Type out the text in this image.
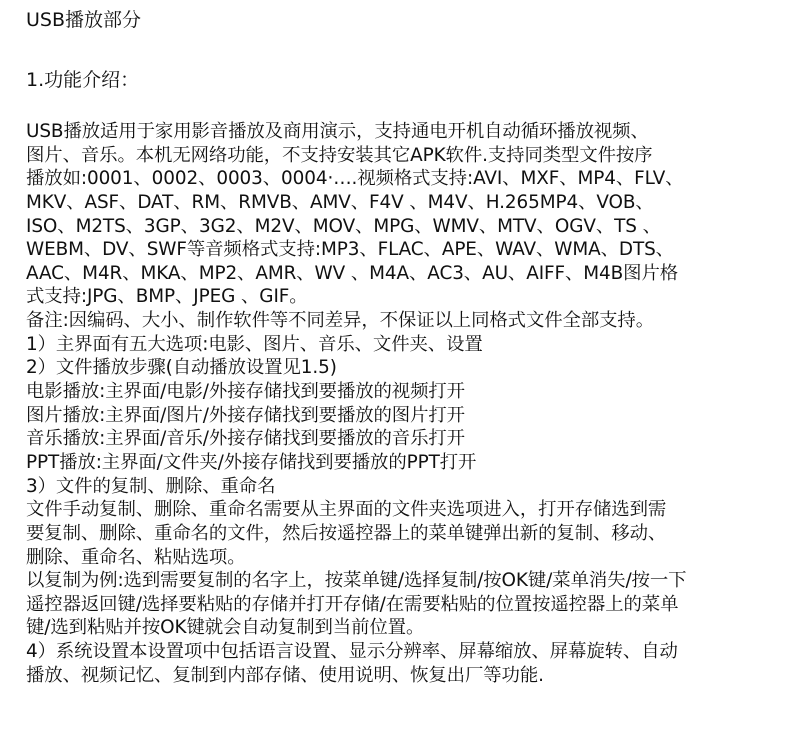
USB播放部分
1.功能介绍：
USB播放适用于家用影音播放及商用演示，支持通电开机自动循环播放视频、
图片、音乐。本机无网络功能，不支持安装其它APK软件.支持同类型文件按序
播放如:0001、0002、0003、0004·….视频格式支持:AVI、MXF、MP4、FLV、
MKV、ASF、DAT、RM、RMVB、AMV、F4V 、M4V、H.265MP4、VOB、
ISO、M2TS、3GP、3G2、M2V、MOV、MPG、WMV、MTV、OGV、TS 、
WEBM、DV、SWF等音频格式支持:MP3、FLAC、APE、WAV、WMA、DTS、
AAC、M4R、MKA、MP2、AMR、WV 、M4A、AC3、AU、AIFF、M4B图片格
式支持:JPG、BMP、JPEG 、GIF。
备注:因编码、大小、制作软件等不同差异，不保证以上同格式文件全部支持。
1）主界面有五大选项:电影、图片、音乐、文件夹、设置
2）文件播放步骤(自动播放设置见1.5)
电影播放:主界面/电影/外接存储找到要播放的视频打开
图片播放:主界面/图片/外接存储找到要播放的图片打开
音乐播放:主界面/音乐/外接存储找到要播放的音乐打开
PPT播放:主界面/文件夹/外接存储找到要播放的PPT打开
3）文件的复制、删除、重命名
文件手动复制、删除、重命名需要从主界面的文件夹选项进入，打开存储选到需
要复制、删除、重命名的文件，然后按遥控器上的菜单键弹出新的复制、移动、
删除、重命名、粘贴选项。
以复制为例:选到需要复制的名字上，按菜单键/选择复制/按OK键/菜单消失/按一下
遥控器返回键/选择要粘贴的存储并打开存储/在需要粘贴的位置按遥控器上的菜单
键/选到粘贴并按OK键就会自动复制到当前位置。
4）系统设置本设置项中包括语言设置、显示分辨率、屏幕缩放、屏幕旋转、自动
播放、视频记忆、复制到内部存储、使用说明、恢复出厂等功能.
